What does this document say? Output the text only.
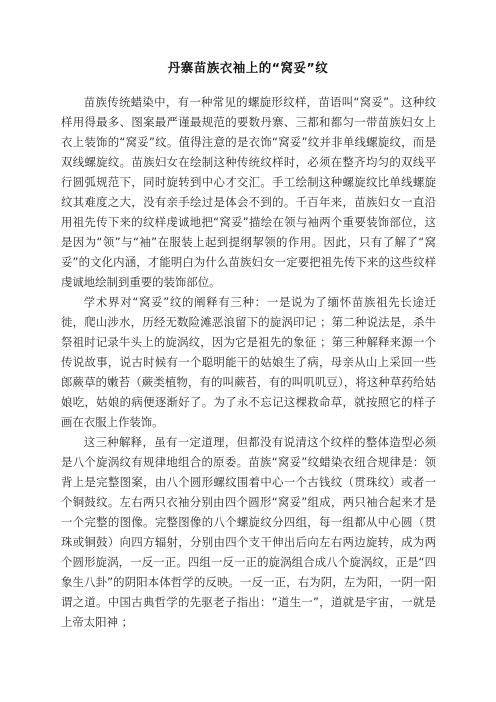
丹寨苗族衣袖上的“窝妥”纹

苗族传统蜡染中，有一种常见的螺旋形纹样，苗语叫“窝妥”。这种纹样用得最多、图案最严谨最规范的要数丹寨、三都和都匀一带苗族妇女上衣上装饰的“窝妥”纹。值得注意的是衣饰“窝妥”纹并非单线螺旋纹，而是双线螺旋纹。苗族妇女在绘制这种传统纹样时，必须在整齐均匀的双线平行圆弧规范下，同时旋转到中心才交汇。手工绘制这种螺旋纹比单线螺旋纹其难度之大，没有亲手绘过是体会不到的。千百年来，苗族妇女一直沿用祖先传下来的纹样虔诚地把“窝妥”描绘在领与袖两个重要装饰部位，这是因为“领”与“袖”在服装上起到提纲挈领的作用。因此，只有了解了“窝妥”的文化内涵，才能明白为什么苗族妇女一定要把祖先传下来的这些纹样虔诚地绘制到重要的装饰部位。

学术界对“窝妥”纹的阐释有三种：一是说为了缅怀苗族祖先长途迁徙，爬山涉水，历经无数险滩恶浪留下的旋涡印记 ；第二种说法是，杀牛祭祖时记录牛头上的旋涡纹，因为它是祖先的象征 ；第三种解释来源一个传说故事，说古时候有一个聪明能干的姑娘生了病，母亲从山上采回一些郎蕨草的嫩苔（蕨类植物，有的叫蕨苔，有的叫叽叽豆），将这种草药给姑娘吃，姑娘的病便逐渐好了。为了永不忘记这棵救命草，就按照它的样子画在衣服上作装饰。

这三种解释，虽有一定道理，但都没有说清这个纹样的整体造型必须是八个旋涡纹有规律地组合的原委。苗族“窝妥”纹蜡染衣纽合规律是：领背上是完整图案，由八个圆形螺纹围着中心一个古钱纹（贯珠纹）或者一个铜鼓纹。左右两只衣袖分别由四个圆形“窝妥”组成，两只袖合起来才是一个完整的图像。完整图像的八个螺旋纹分四组，每一组都从中心圆（贯珠或铜鼓）向四方辐射，分别由四个支干伸出后向左右两边旋转，成为两个圆形旋涡，一反一正。四组一反一正的旋涡组合成八个旋涡纹，正是“四象生八卦”的阴阳本体哲学的反映。一反一正，右为阴，左为阳，一阴一阳谓之道。中国古典哲学的先驱老子指出：“道生一”，道就是宇宙，一就是上帝太阳神 ；
